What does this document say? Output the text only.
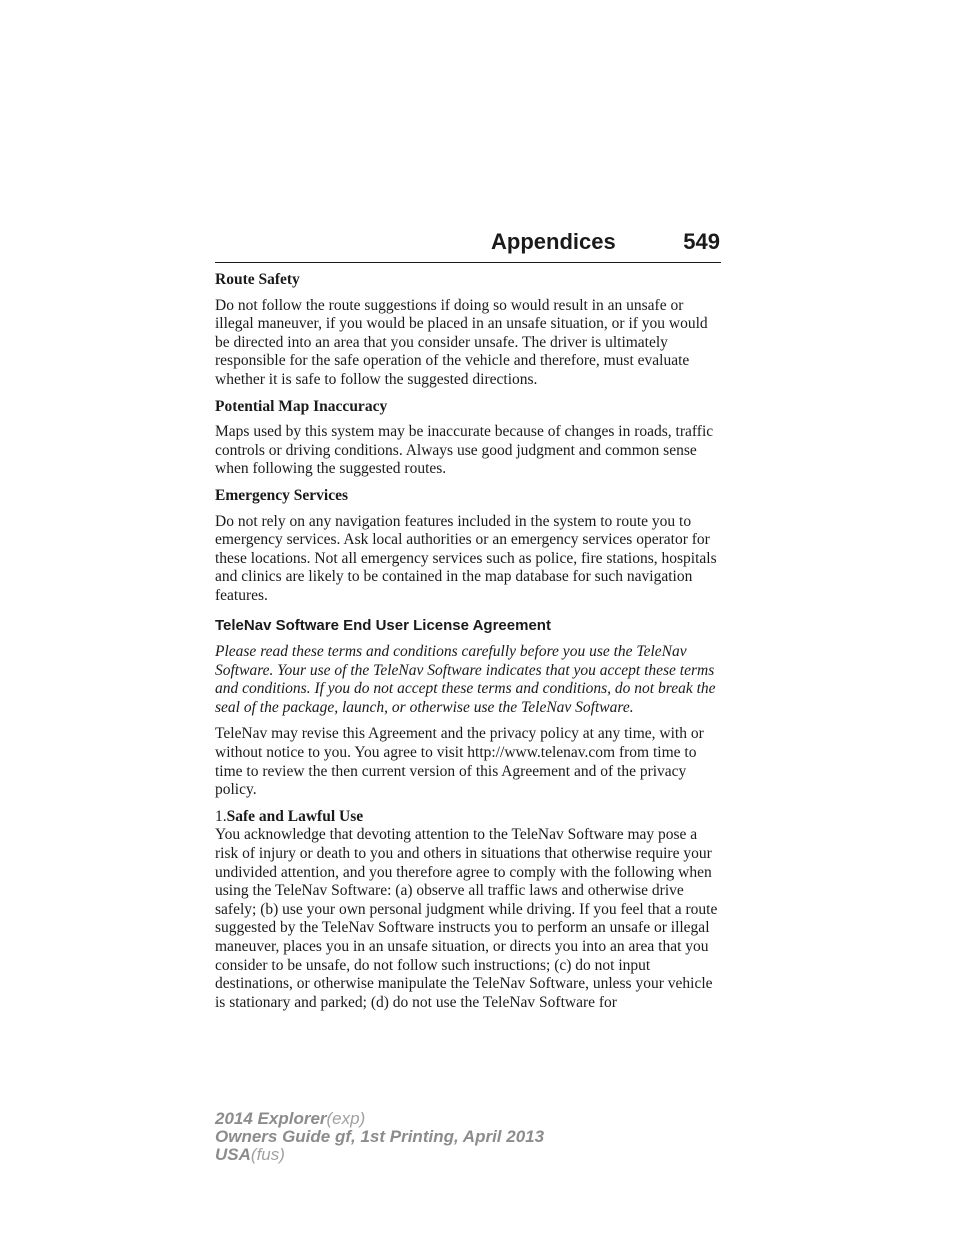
Appendices	549

Route Safety

Do not follow the route suggestions if doing so would result in an unsafe or illegal maneuver, if you would be placed in an unsafe situation, or if you would be directed into an area that you consider unsafe. The driver is ultimately responsible for the safe operation of the vehicle and therefore, must evaluate whether it is safe to follow the suggested directions.

Potential Map Inaccuracy

Maps used by this system may be inaccurate because of changes in roads, traffic controls or driving conditions. Always use good judgment and common sense when following the suggested routes.

Emergency Services

Do not rely on any navigation features included in the system to route you to emergency services. Ask local authorities or an emergency services operator for these locations. Not all emergency services such as police, fire stations, hospitals and clinics are likely to be contained in the map database for such navigation features.

TeleNav Software End User License Agreement

Please read these terms and conditions carefully before you use the TeleNav Software. Your use of the TeleNav Software indicates that you accept these terms and conditions. If you do not accept these terms and conditions, do not break the seal of the package, launch, or otherwise use the TeleNav Software.

TeleNav may revise this Agreement and the privacy policy at any time, with or without notice to you. You agree to visit http://www.telenav.com from time to time to review the then current version of this Agreement and of the privacy policy.

1.Safe and Lawful Use
You acknowledge that devoting attention to the TeleNav Software may pose a risk of injury or death to you and others in situations that otherwise require your undivided attention, and you therefore agree to comply with the following when using the TeleNav Software: (a) observe all traffic laws and otherwise drive safely; (b) use your own personal judgment while driving. If you feel that a route suggested by the TeleNav Software instructs you to perform an unsafe or illegal maneuver, places you in an unsafe situation, or directs you into an area that you consider to be unsafe, do not follow such instructions; (c) do not input destinations, or otherwise manipulate the TeleNav Software, unless your vehicle is stationary and parked; (d) do not use the TeleNav Software for

2014 Explorer(exp)
Owners Guide gf, 1st Printing, April 2013
USA(fus)
